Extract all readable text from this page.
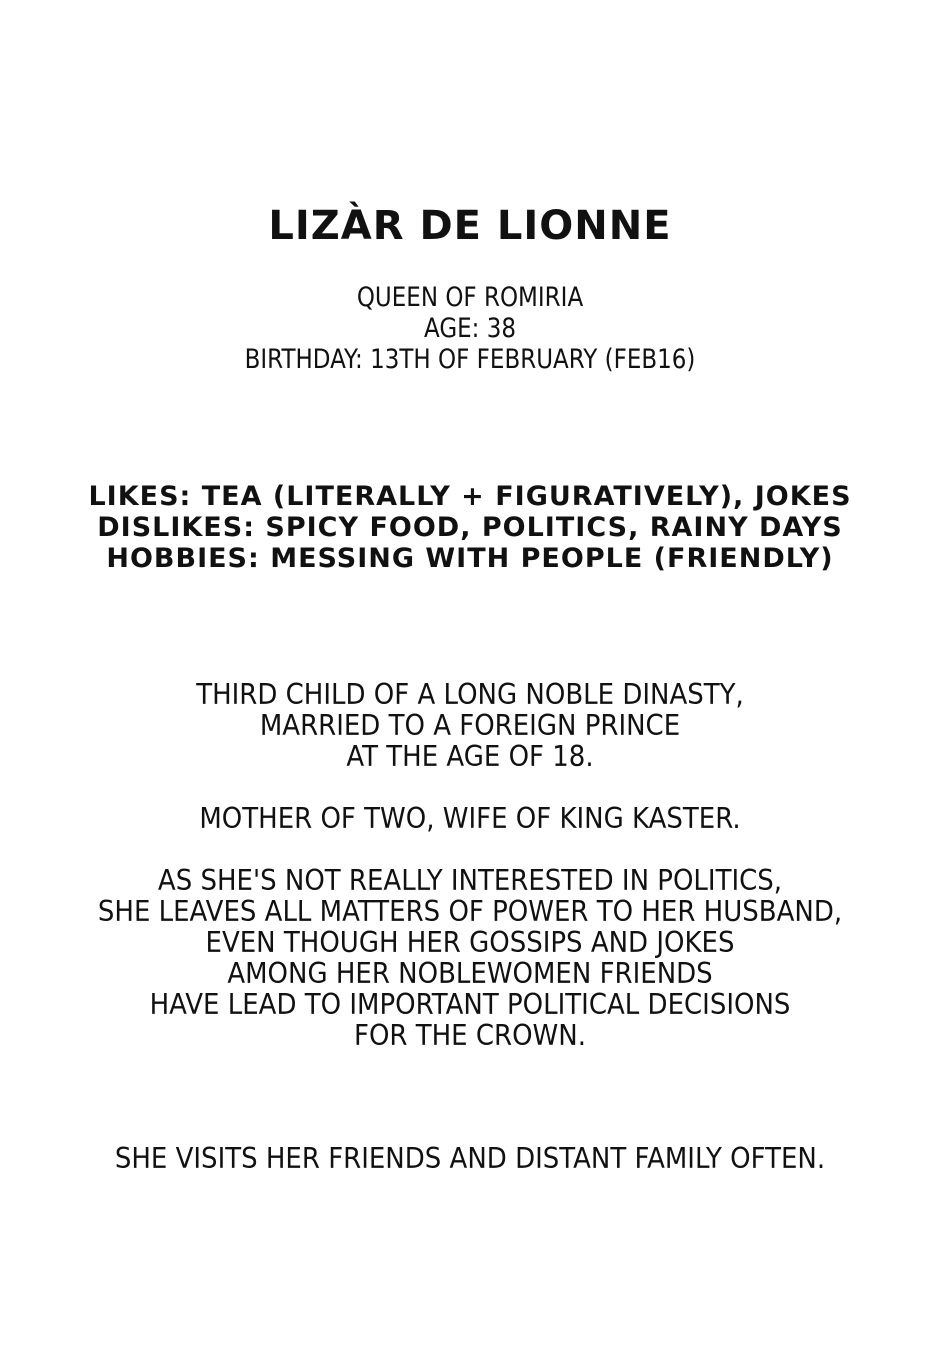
LIZÀR DE LIONNE
QUEEN OF ROMIRIA
AGE: 38
BIRTHDAY: 13TH OF FEBRUARY (FEB16)
LIKES: TEA (LITERALLY + FIGURATIVELY), JOKES
DISLIKES: SPICY FOOD, POLITICS, RAINY DAYS
HOBBIES: MESSING WITH PEOPLE (FRIENDLY)
THIRD CHILD OF A LONG NOBLE DINASTY,
MARRIED TO A FOREIGN PRINCE
AT THE AGE OF 18.
MOTHER OF TWO, WIFE OF KING KASTER.
AS SHE'S NOT REALLY INTERESTED IN POLITICS,
SHE LEAVES ALL MATTERS OF POWER TO HER HUSBAND,
EVEN THOUGH HER GOSSIPS AND JOKES
AMONG HER NOBLEWOMEN FRIENDS
HAVE LEAD TO IMPORTANT POLITICAL DECISIONS
FOR THE CROWN.
SHE VISITS HER FRIENDS AND DISTANT FAMILY OFTEN.
